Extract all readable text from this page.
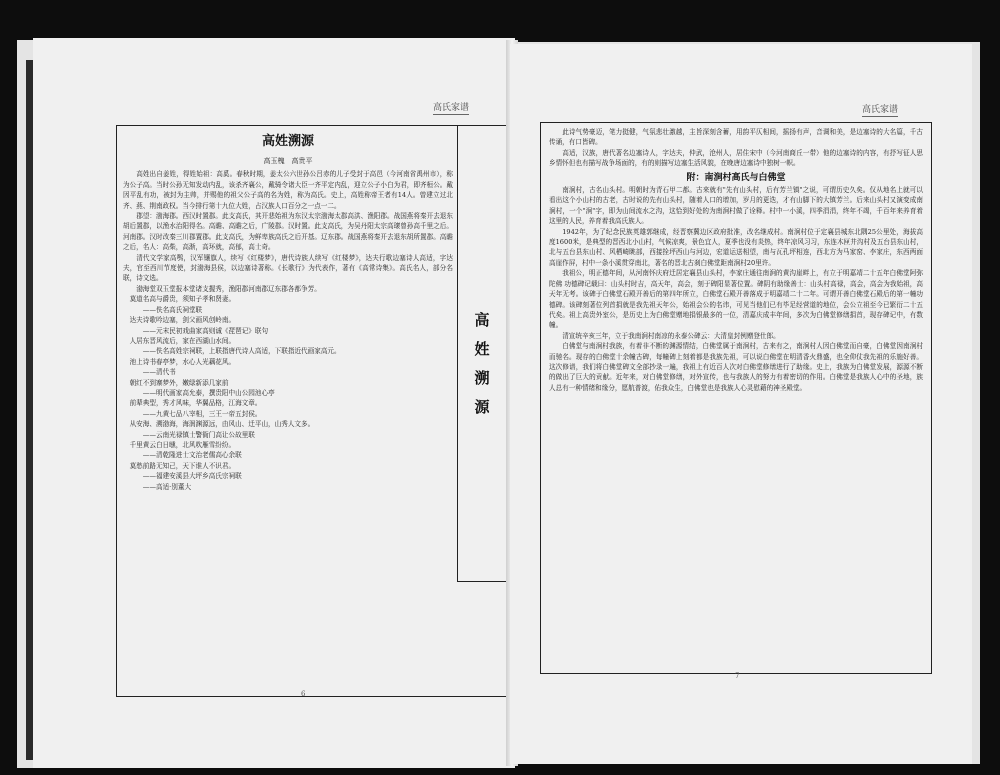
高氏家谱
高姓溯源
高玉槐　高贵平

高姓出自姜姓，得姓始祖：高奚。春秋时期，姜太公六世孙公吕赤的儿子受封于高邑（今河南省禹州市），称为公子高。当时公孙无知发动内乱，该杀齐襄公，戴骑令诸大臣一齐平定内乱，迎立公子小白为君，即齐桓公。戴因平乱有功，被封为主帅，并赐他的祖父公子高的名为姓，称为高氏。史上，高姓称帝王者有14人。曾建立过北齐、燕、荆南政权。当今排行第十九位大姓，占汉族人口百分之一点一二。

郡望：渤海郡。西汉时置郡。此支高氏，其开悲始祖为东汉太宗渤海太郡高洪、渔阳郡。战国燕将秦开去退东胡后置郡，以渔水治阳得名。高瞻、高瞻之后，广陵郡。汉时置。此支高氏，为吴丹阳太宗高瓌曾孙高千里之后。河南郡。汉时改秦三川郡置郡。此支高氏，为鲜卑族高氏之后开基。辽东郡。战国燕将秦开去退东胡所置郡。高瞻之后，名人：高柴，高渐，高环就，高郁，高士奇。

清代文学家高鹗，汉军镶旗人，续写《红楼梦》，唐代诗族人续写《红楼梦》，达夫行歌边塞诗人高适，字达夫，官至西川节度使，封渤海县侯，以边塞诗著称。《长歌行》为代表作，著有《高常诗集》。高氏名人，部分名联，诗文选。

渤海堂双玉堂报本堂诸支握秀，渔阳郡河南郡辽东郡各都争芳。

莫道名高与爵贵，须知子孝和贤妻。

——佚名高氏祠堂联

达夫诗歌吟边塞，剑父画风创岭南。

——元末民初戏曲家高则诚《琵琶记》联句

人居东晋风流后，家在西湖山水间。

——佚名高姓宗祠联，上联指唐代诗人高适，下联指近代画家高元。

池上诗书春亭梦，水心人光藕花风。

——清代书

朝红不到寨梦外，嫩绿新添几家前

——明代画家高允泰，撰贵阳中山公园池心亭

前辈典型，秀才风味，华翼品格，江海文章。

——九黄七品八宰相，三王一帝五封侯。

从安海、溯渤海，海润渊源远，由风山、迁平山，山秀人文多。

——云南光禄镇士警衙门高让公故里联

千里黄云白日曛，北风吹雁雪纷纷。

——清乾隆进士文治老儒高心余联

莫愁前路无知己，天下谁人不识君。

——福建安溪县大坪乡高氏宗祠联

——高适·别董大

高
姓
溯
源
6
高氏家谱

此诗气势豪迈，笔力挺健，气氛悲壮激越，主旨深刻含蓄，用韵平仄相间，摇扬有声，音调和美，是边塞诗的大名篇，千古传诵，有口皆碑。

高适，汉族，唐代著名边塞诗人，字达夫，仲武，沧州人，居住宋中（今河南商丘一带）他的边塞诗的内容，有抒写征人思乡情怀但也有描写战争场面的，有的则描写边塞生活风貌，在晚唐边塞诗中独树一帜。

附：南涧村高氏与白佛堂

南涧村，古名山头村。明朝时为青石甲二都。古来就有"先有山头村，后有芳兰镇"之说，可谓历史久矣。仅从地名上就可以看出这个小山村的古老，古时说的先有山头村，随着人口的增加，岁月的更迭，才有山脚下的大镇芳兰。后来山头村又演变成南涧村，一个"涧"字，即为山间流水之沟，这恰到好处的为南涧村做了诠释。村中一小溪，四季涓涓，终年不竭，千百年来养育着这里的人民，养育着我高氏族人。

1942年，为了纪念民族英雄郭继成，经晋察冀边区政府批准，改名继成村。南涧村位于定襄县城东北隅25公里处，海拔高度1600米，是典型的晋西北小山村，气候凉爽，景色宜人，夏季也没有炎热，终年凉风习习，东连木匣井沟村及五台县东山村，北与五台县东山村、风栖崎眺部，西接拴坪西山与河边，宏道运送相望，南与瓦孔坪相连，西北方为马家窑、李家庄，东西两面高崖作屏，村中一条小溪贯穿南北，著名的晋北古刹白佛堂距南涧村20里许。

我祖公，明正德年间，从河南怀庆府迁居定襄县山头村，李家庄通往南涧的黄沟崖畔上，有立于明嘉靖二十五年白佛堂阿弥陀佛 功德碑记载曰：山头村时吉，高天年，高会，刻于碑阳显著位置。碑阴有助缘善士：山头村高禄，高会，高会为我始祖，高天年无考。该碑于白佛堂石殿开善后的第四年所立，白佛堂石殿开善落成于明嘉靖二十二年。可谓开善白佛堂石殿后的第一幢功德碑。该碑刻著位列首捐就是我先祖天年公，始祖会公的名讳，可见当他们已有毕足经营道的地位，会公立祖至今已繁衍二十五代矣。祖上高贵外室公，是历史上为白佛堂赠地捐银最多的一位，清嘉庆成丰年间，多次为白佛堂修缮捐首，现存碑记中，有数幢。

清宣统辛亥三年，立于我南涧村南凉的永泰公碑云：大清皇封例赠登仕郎。

白佛堂与南涧村我族，有着非不断的渊源情结，白佛堂属于南涧村，古来有之，南涧村人因白佛堂而自豪，白佛堂因南涧村而驰名。现存的白佛堂十余幢古碑，每幢碑上刻着都是我族先祖，可以说白佛堂在明清香火鼎盛，也全仰仗我先祖的乐施好善。这次修谱，我们将白佛堂碑文全部抄录一遍，我祖上有近百人次对白佛堂修缮进行了助缘。史上，我族为白佛堂发展，源源不断的做出了巨大的贡献。近年来，对白佛堂修缮，对外宣传，也与我族人的努力有着密切的作用。白佛堂是我族人心中的圣地，族人总有一种情绪和缘分，愿航普渡，佑我众生，白佛堂也是我族人心灵慰藉的神圣殿堂。

7
